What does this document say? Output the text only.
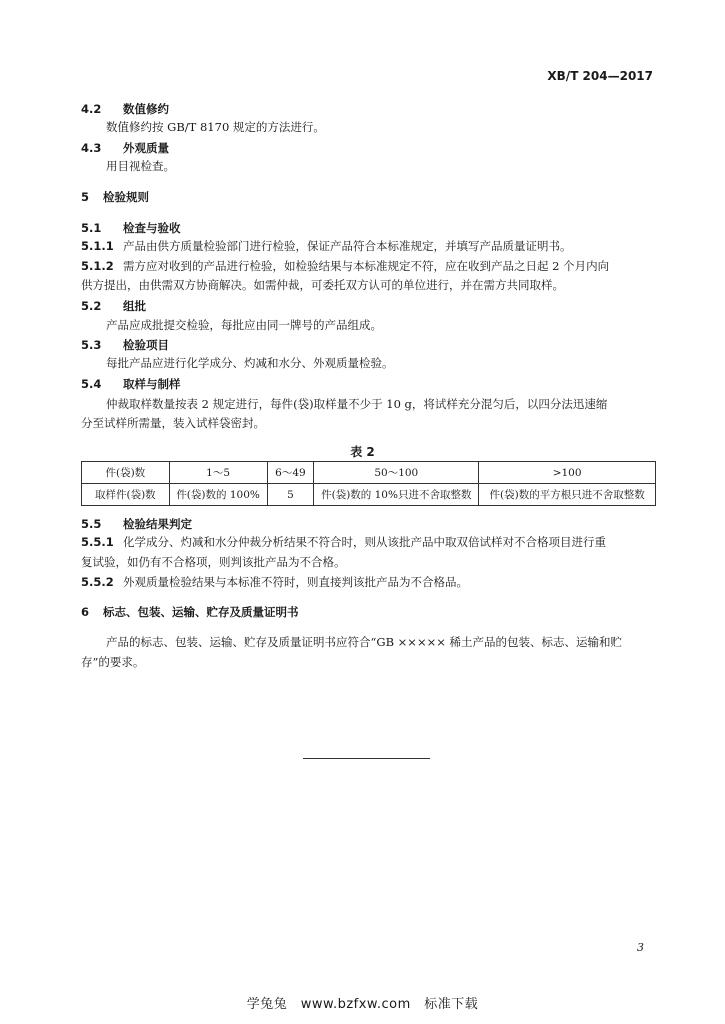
XB/T 204—2017
4.2 数值修约
数值修约按 GB/T 8170 规定的方法进行。
4.3 外观质量
用目视检查。
5 检验规则
5.1 检查与验收
5.1.1 产品由供方质量检验部门进行检验，保证产品符合本标准规定，并填写产品质量证明书。
5.1.2 需方应对收到的产品进行检验，如检验结果与本标准规定不符，应在收到产品之日起 2 个月内向
供方提出，由供需双方协商解决。如需仲裁，可委托双方认可的单位进行，并在需方共同取样。
5.2 组批
产品应成批提交检验，每批应由同一牌号的产品组成。
5.3 检验项目
每批产品应进行化学成分、灼减和水分、外观质量检验。
5.4 取样与制样
仲裁取样数量按表 2 规定进行，每件(袋)取样量不少于 10 g，将试样充分混匀后，以四分法迅速缩
分至试样所需量，装入试样袋密封。
表 2
件(袋)数	1～5	6～49	50～100	>100
取样件(袋)数	件(袋)数的 100%	5	件(袋)数的 10%只进不舍取整数	件(袋)数的平方根只进不舍取整数
5.5 检验结果判定
5.5.1 化学成分、灼减和水分仲裁分析结果不符合时，则从该批产品中取双倍试样对不合格项目进行重
复试验，如仍有不合格项，则判该批产品为不合格。
5.5.2 外观质量检验结果与本标准不符时，则直接判该批产品为不合格品。
6 标志、包装、运输、贮存及质量证明书
产品的标志、包装、运输、贮存及质量证明书应符合“GB ××××× 稀土产品的包装、标志、运输和贮
存”的要求。
3
学兔兔　www.bzfxw.com　标准下载
